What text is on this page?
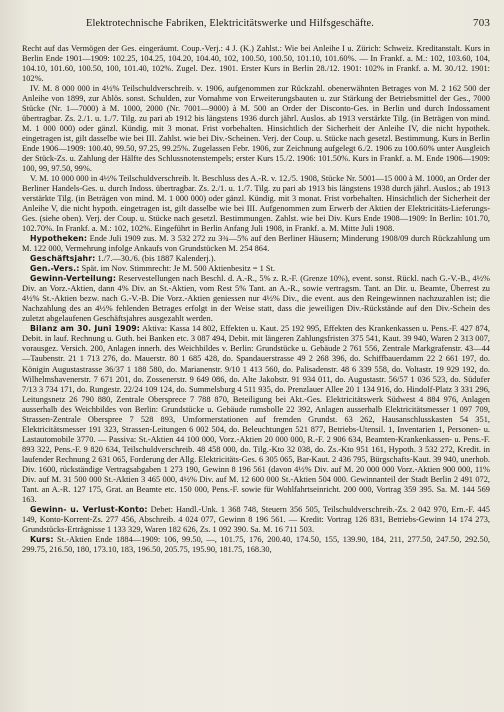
Elektrotechnische Fabriken, Elektricitätswerke und Hilfsgeschäfte.	703

Recht auf das Vermögen der Ges. eingeräumt. Coup.-Verj.: 4 J. (K.) Zahlst.: Wie bei Anleihe I u. Zürich: Schweiz. Kreditanstalt. Kurs in Berlin Ende 1901—1909: 102.25, 104.25, 104.20, 104.40, 102, 100.50, 100.50, 101.10, 101.60%. — In Frankf. a. M.: 102, 103.60, 104, 104.10, 101.60, 100.50, 100, 101.40, 102%. Zugel. Dez. 1901. Erster Kurs in Berlin 28./12. 1901: 102% in Frankf. a. M. 30./12. 1901: 102%.

IV. M. 8 000 000 in 4½% Teilschuldverschreib. v. 1906, aufgenommen zur Rückzahl. obenerwähnten Betrages von M. 2 162 500 der Anleihe von 1899, zur Ablös. sonst. Schulden, zur Vornahme von Erweiterungsbauten u. zur Stärkung der Betriebsmittel der Ges., 7000 Stücke (Nr. 1—7000) à M. 1000, 2000 (Nr. 7001—9000) à M. 500 an Order der Disconto-Ges. in Berlin und durch Indossament übertragbar. Zs. 2./1. u. 1./7. Tilg. zu pari ab 1912 bis längstens 1936 durch jährl. Auslos. ab 1913 verstärkte Tilg. (in Beträgen von mind. M. 1 000 000) oder gänzl. Kündig. mit 3 monat. Frist vorbehalten. Hinsichtlich der Sicherheit der Anleihe IV, die nicht hypothek. eingetragen ist, gilt dasselbe wie bei III. Zahlst. wie bei Div.-Scheinen. Verj. der Coup. u. Stücke nach gesetzl. Bestimmung. Kurs in Berlin Ende 1906—1909: 100.40, 99.50, 97.25, 99.25%. Zugelassen Febr. 1906, zur Zeichnung aufgelegt 6./2. 1906 zu 100.60% unter Ausgleich der Stück-Zs. u. Zahlung der Hälfte des Schlussnotenstempels; erster Kurs 15./2. 1906: 101.50%. Kurs in Frankf. a. M. Ende 1906—1909: 100, 99, 97.50, 99%.

V. M. 10 000 000 in 4½% Teilschuldverschreib. lt. Beschluss des A.-R. v. 12./5. 1908, Stücke Nr. 5001—15 000 à M. 1000, an Order der Berliner Handels-Ges. u. durch Indoss. übertragbar. Zs. 2./1. u. 1./7. Tilg. zu pari ab 1913 bis längstens 1938 durch jährl. Auslos.; ab 1913 verstärkte Tilg. (in Beträgen von mind. M. 1 000 000) oder gänzl. Kündig. mit 3 monat. Frist vorbehalten. Hinsichtlich der Sicherheit der Anleihe V, die nicht hypoth. eingetragen ist, gilt dasselbe wie bei III. Aufgenommen zum Erwerb der Aktien der Elektricitäts-Lieferungs-Ges. (siehe oben). Verj. der Coup. u. Stücke nach gesetzl. Bestimmungen. Zahlst. wie bei Div. Kurs Ende 1908—1909: In Berlin: 101.70, 102.70%. In Frankf. a. M.: 102, 102%. Eingeführt in Berlin Anfang Juli 1908, in Frankf. a. M. Mitte Juli 1908.

Hypotheken: Ende Juli 1909 zus. M. 3 532 272 zu 3¾—5% auf den Berliner Häusern; Minderung 1908/09 durch Rückzahlung um M. 122 000, Vermehrung infolge Ankaufs von Grundstücken M. 254 864.

Geschäftsjahr: 1./7.—30./6. (bis 1887 Kalenderj.).

Gen.-Vers.: Spät. im Nov. Stimmrecht: Je M. 500 Aktienbesitz = 1 St.

Gewinn-Verteilung: Reservestellungen nach Beschl. d. A.-R., 5% z. R.-F. (Grenze 10%), event. sonst. Rückl. nach G.-V.-B., 4½% Div. an Vorz.-Aktien, dann 4% Div. an St.-Aktien, vom Rest 5% Tant. an A.-R., sowie vertragsm. Tant. an Dir. u. Beamte, Überrest zu 4½% St.-Aktien bezw. nach G.-V.-B. Die Vorz.-Aktien geniessen nur 4½% Div., die event. aus den Reingewinnen nachzuzahlen ist; die Nachzahlung des an 4½% fehlenden Betrages erfolgt in der Weise statt, dass die jeweiligen Div.-Rückstände auf den Div.-Schein des zuletzt abgelaufenen Geschäftsjahres ausgezahlt werden.

Bilanz am 30. Juni 1909: Aktiva: Kassa 14 802, Effekten u. Kaut. 25 192 995, Effekten des Krankenkassen u. Pens.-F. 427 874, Debit. in lauf. Rechnung u. Guth. bei Banken etc. 3 087 494, Debit. mit längeren Zahlungsfristen 375 541, Kaut. 39 940, Waren 2 313 007, vorausgez. Versich. 200, Anlagen innerh. des Weichbildes v. Berlin: Grundstücke u. Gebäude 2 761 556, Zentrale Markgrafenstr. 43—44—Taubenstr. 21 1 713 276, do. Mauerstr. 80 1 685 428, do. Spandauerstrasse 49 2 268 396, do. Schiffbauerdamm 22 2 661 197, do. Königin Augustastrasse 36/37 1 188 580, do. Marianenstr. 9/10 1 413 560, do. Palisadenstr. 48 6 339 558, do. Voltastr. 19 929 192, do. Wilhelmshavenerstr. 7 671 201, do. Zossenerstr. 9 649 086, do. Alte Jakobstr. 91 934 011, do. Augustastr. 56/57 1 036 523, do. Südufer 7/13 3 734 171, do. Rungestr. 22/24 109 124, do. Summelsburg 4 511 935, do. Prenzlauer Allee 20 1 134 916, do. Hindolf-Platz 3 331 296, Leitungsnetz 26 790 880, Zentrale Obersprece 7 788 870, Beteiligung bei Akt.-Ges. Elektricitätswerk Südwest 4 884 976, Anlagen ausserhalb des Weichbildes von Berlin: Grundstücke u. Gebäude rumsbolle 22 392, Anlagen ausserhalb Elektricitätsmesser 1 097 709, Strassen-Zentrale Oberspree 7 528 893, Umformerstationen auf fremden Grundst. 63 262, Hausanschlusskasten 54 351, Elektricitätsmesser 191 323, Strassen-Leitungen 6 002 504, do. Beleuchtungen 521 877, Betriebs-Utensil. 1, Inventarien 1, Personen- u. Lastautomobile 3770. — Passiva: St.-Aktien 44 100 000, Vorz.-Aktien 20 000 000, R.-F. 2 906 634, Beamten-Krankenkassen- u. Pens.-F. 893 322, Pens.-F. 9 820 634, Teilschuldverschreib. 48 458 000, do. Tilg.-Kto 32 038, do. Zs.-Kto 951 161, Hypoth. 3 532 272, Kredit. in laufender Rechnung 2 631 065, Forderung der Allg. Elektricitäts-Ges. 6 305 065, Bar-Kaut. 2 436 795, Bürgschafts-Kaut. 39 940, unerhob. Div. 1600, rückständige Vertragsabgaben 1 273 190, Gewinn 8 196 561 (davon 4½% Div. auf M. 20 000 000 Vorz.-Aktien 900 000, 11% Div. auf M. 31 500 000 St.-Aktien 3 465 000, 4½% Div. auf M. 12 600 000 St.-Aktien 504 000. Gewinnanteil der Stadt Berlin 2 491 072, Tant. an A.-R. 127 175, Grat. an Beamte etc. 150 000, Pens.-F. sowie für Wohlfahrtseinricht. 200 000, Vortrag 359 395. Sa. M. 144 569 163.

Gewinn- u. Verlust-Konto: Debet: Handl.-Unk. 1 368 748, Steuern 356 505, Teilschuldverschreib.-Zs. 2 042 970, Ern.-F. 445 149, Konto-Korrent-Zs. 277 456, Abschreib. 4 024 077, Gewinn 8 196 561. — Kredit: Vortrag 126 831, Betriebs-Gewinn 14 174 273, Grundstücks-Erträgnisse 1 133 329, Waren 182 626, Zs. 1 092 390. Sa. M. 16 711 503.

Kurs: St.-Aktien Ende 1884—1909: 106, 99.50, —, 101.75, 176, 200.40, 174.50, 155, 139.90, 184, 211, 277.50, 247.50, 292.50, 299.75, 216.50, 180, 173.10, 183, 196.50, 205.75, 195.90, 181.75, 168.30,
